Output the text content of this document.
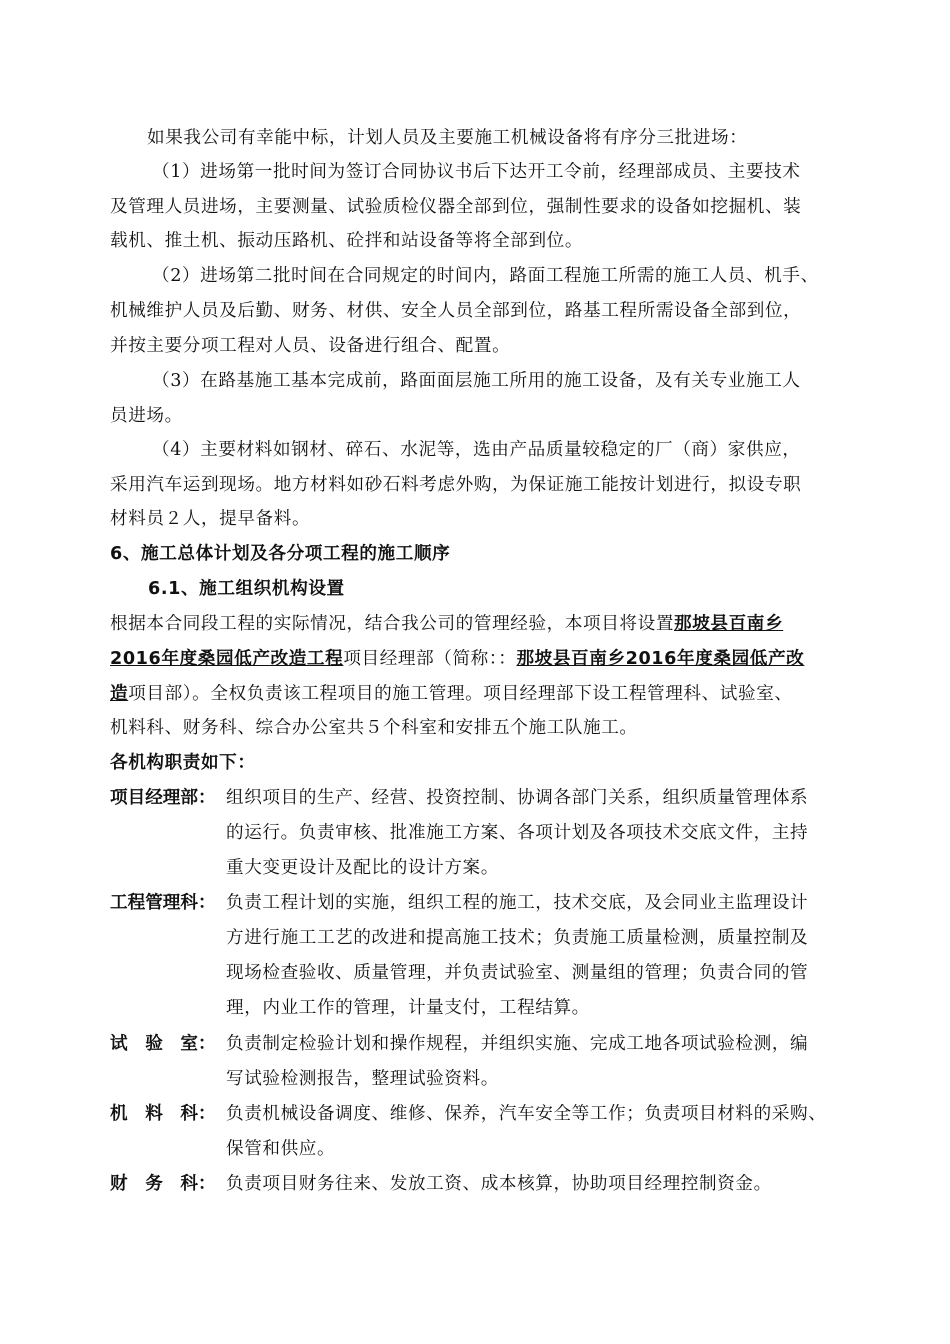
如果我公司有幸能中标，计划人员及主要施工机械设备将有序分三批进场：
（1）进场第一批时间为签订合同协议书后下达开工令前，经理部成员、主要技术
及管理人员进场，主要测量、试验质检仪器全部到位，强制性要求的设备如挖掘机、装
载机、推土机、振动压路机、砼拌和站设备等将全部到位。
（2）进场第二批时间在合同规定的时间内，路面工程施工所需的施工人员、机手、
机械维护人员及后勤、财务、材供、安全人员全部到位，路基工程所需设备全部到位，
并按主要分项工程对人员、设备进行组合、配置。
（3）在路基施工基本完成前，路面面层施工所用的施工设备，及有关专业施工人
员进场。
（4）主要材料如钢材、碎石、水泥等，选由产品质量较稳定的厂（商）家供应，
采用汽车运到现场。地方材料如砂石料考虑外购，为保证施工能按计划进行，拟设专职
材料员２人，提早备料。
6、施工总体计划及各分项工程的施工顺序
6.1、施工组织机构设置
根据本合同段工程的实际情况，结合我公司的管理经验，本项目将设置那坡县百南乡
2016年度桑园低产改造工程项目经理部（简称：：那坡县百南乡2016年度桑园低产改
造项目部）。全权负责该工程项目的施工管理。项目经理部下设工程管理科、试验室、
机料科、财务科、综合办公室共５个科室和安排五个施工队施工。
各机构职责如下：
项目经理部： 组织项目的生产、经营、投资控制、协调各部门关系，组织质量管理体系
的运行。负责审核、批准施工方案、各项计划及各项技术交底文件，主持
重大变更设计及配比的设计方案。
工程管理科： 负责工程计划的实施，组织工程的施工，技术交底，及会同业主监理设计
方进行施工工艺的改进和提高施工技术；负责施工质量检测，质量控制及
现场检查验收、质量管理，并负责试验室、测量组的管理；负责合同的管
理，内业工作的管理，计量支付，工程结算。
试　验　室： 负责制定检验计划和操作规程，并组织实施、完成工地各项试验检测，编
写试验检测报告，整理试验资料。
机　料　科： 负责机械设备调度、维修、保养，汽车安全等工作；负责项目材料的采购、
保管和供应。
财　务　科： 负责项目财务往来、发放工资、成本核算，协助项目经理控制资金。
